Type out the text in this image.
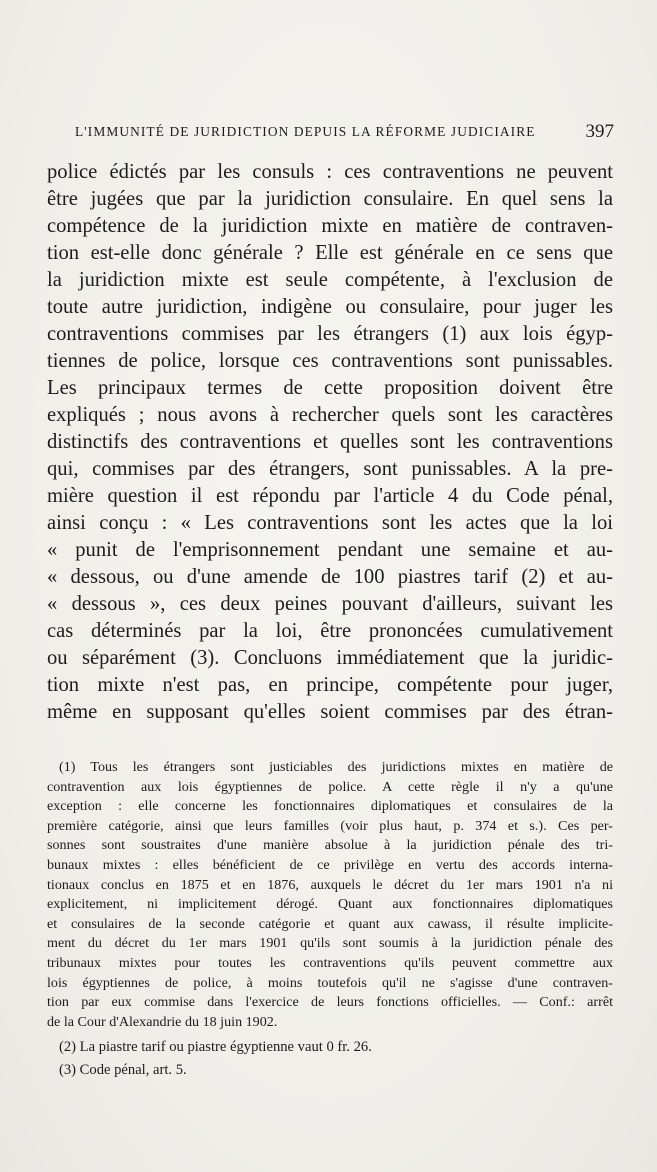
L'IMMUNITÉ DE JURIDICTION DEPUIS LA RÉFORME JUDICIAIRE	397
police édictés par les consuls : ces contraventions ne peuvent
être jugées que par la juridiction consulaire. En quel sens la
compétence de la juridiction mixte en matière de contraven-
tion est-elle donc générale ? Elle est générale en ce sens que
la juridiction mixte est seule compétente, à l'exclusion de
toute autre juridiction, indigène ou consulaire, pour juger les
contraventions commises par les étrangers (1) aux lois égyp-
tiennes de police, lorsque ces contraventions sont punissables.
Les principaux termes de cette proposition doivent être
expliqués ; nous avons à rechercher quels sont les caractères
distinctifs des contraventions et quelles sont les contraventions
qui, commises par des étrangers, sont punissables. A la pre-
mière question il est répondu par l'article 4 du Code pénal,
ainsi conçu : « Les contraventions sont les actes que la loi
« punit de l'emprisonnement pendant une semaine et au-
« dessous, ou d'une amende de 100 piastres tarif (2) et au-
« dessous », ces deux peines pouvant d'ailleurs, suivant les
cas déterminés par la loi, être prononcées cumulativement
ou séparément (3). Concluons immédiatement que la juridic-
tion mixte n'est pas, en principe, compétente pour juger,
même en supposant qu'elles soient commises par des étran-
(1) Tous les étrangers sont justiciables des juridictions mixtes en matière de
contravention aux lois égyptiennes de police. A cette règle il n'y a qu'une
exception : elle concerne les fonctionnaires diplomatiques et consulaires de la
première catégorie, ainsi que leurs familles (voir plus haut, p. 374 et s.). Ces per-
sonnes sont soustraites d'une manière absolue à la juridiction pénale des tri-
bunaux mixtes : elles bénéficient de ce privilège en vertu des accords interna-
tionaux conclus en 1875 et en 1876, auxquels le décret du 1er mars 1901 n'a ni
explicitement, ni implicitement dérogé. Quant aux fonctionnaires diplomatiques
et consulaires de la seconde catégorie et quant aux cawass, il résulte implicite-
ment du décret du 1er mars 1901 qu'ils sont soumis à la juridiction pénale des
tribunaux mixtes pour toutes les contraventions qu'ils peuvent commettre aux
lois égyptiennes de police, à moins toutefois qu'il ne s'agisse d'une contraven-
tion par eux commise dans l'exercice de leurs fonctions officielles. — Conf.: arrêt
de la Cour d'Alexandrie du 18 juin 1902.
(2) La piastre tarif ou piastre égyptienne vaut 0 fr. 26.
(3) Code pénal, art. 5.
